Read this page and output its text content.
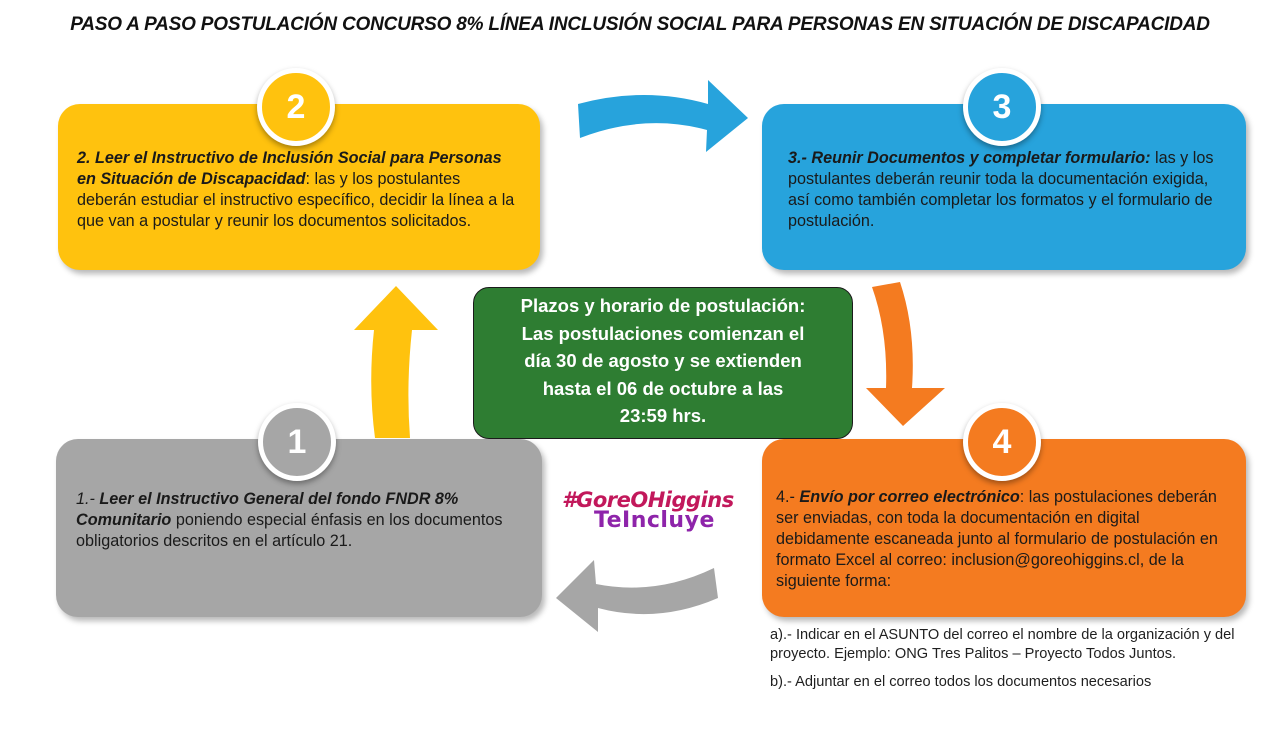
PASO A PASO POSTULACIÓN CONCURSO 8% LÍNEA INCLUSIÓN SOCIAL PARA PERSONAS EN SITUACIÓN DE DISCAPACIDAD
2. Leer el Instructivo de Inclusión Social para Personas en Situación de Discapacidad: las y los postulantes deberán estudiar el instructivo específico, decidir la línea a la que van a postular y reunir los documentos solicitados.
3.- Reunir Documentos y completar formulario: las y los postulantes deberán reunir toda la documentación exigida, así como también completar los formatos y el formulario de postulación.
1.- Leer el Instructivo General del fondo FNDR 8% Comunitario poniendo especial énfasis en los documentos obligatorios descritos en el artículo 21.
4.- Envío por correo electrónico: las postulaciones deberán ser enviadas, con toda la documentación en digital debidamente escaneada junto al formulario de postulación en formato Excel al correo: inclusion@goreohiggins.cl, de la siguiente forma:
2	3
1	4
Plazos y horario de postulación:
Las postulaciones comienzan el
día 30 de agosto y se extienden
hasta el 06 de octubre a las
23:59 hrs.
#GoreOHiggins
TeIncluye

a).- Indicar en el ASUNTO del correo el nombre de la organización y del proyecto. Ejemplo: ONG Tres Palitos – Proyecto Todos Juntos.

b).- Adjuntar en el correo todos los documentos necesarios
